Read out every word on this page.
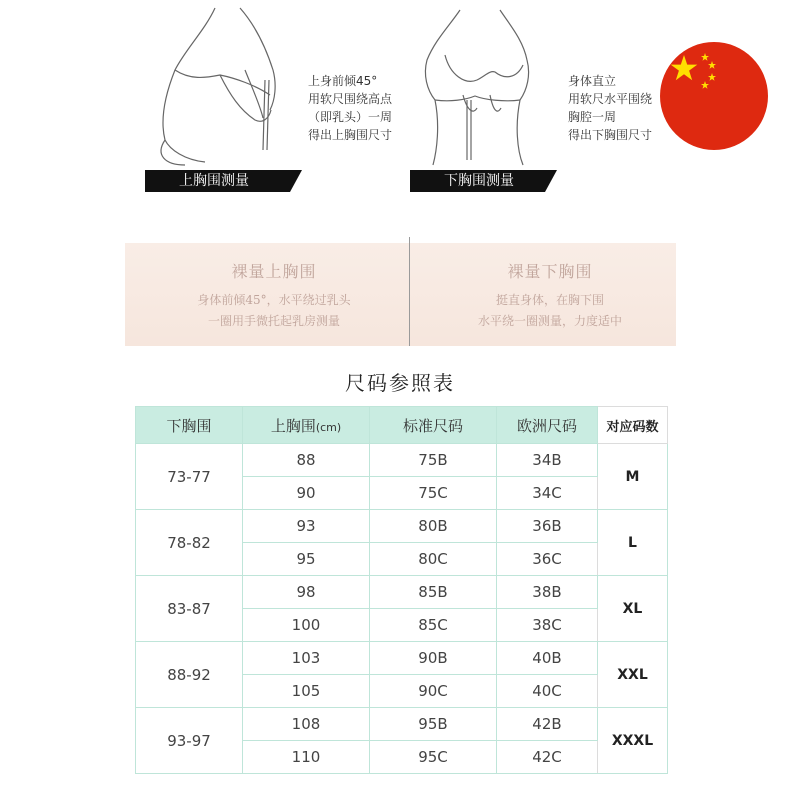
上身前倾45°
用软尺围绕高点
（即乳头）一周
得出上胸围尺寸
上胸围测量
身体直立
用软尺水平围绕
胸腔一周
得出下胸围尺寸
下胸围测量
裸量上胸围
身体前倾45°，水平绕过乳头
一圈用手微托起乳房测量
裸量下胸围
挺直身体，在胸下围
水平绕一圈测量，力度适中
尺码参照表
下胸围	上胸围(cm)	标准尺码	欧洲尺码	对应码数
73-77	88	75B	34B	M
	90	75C	34C	
78-82	93	80B	36B	L
	95	80C	36C	
83-87	98	85B	38B	XL
	100	85C	38C	
88-92	103	90B	40B	XXL
	105	90C	40C	
93-97	108	95B	42B	XXXL
	110	95C	42C	
